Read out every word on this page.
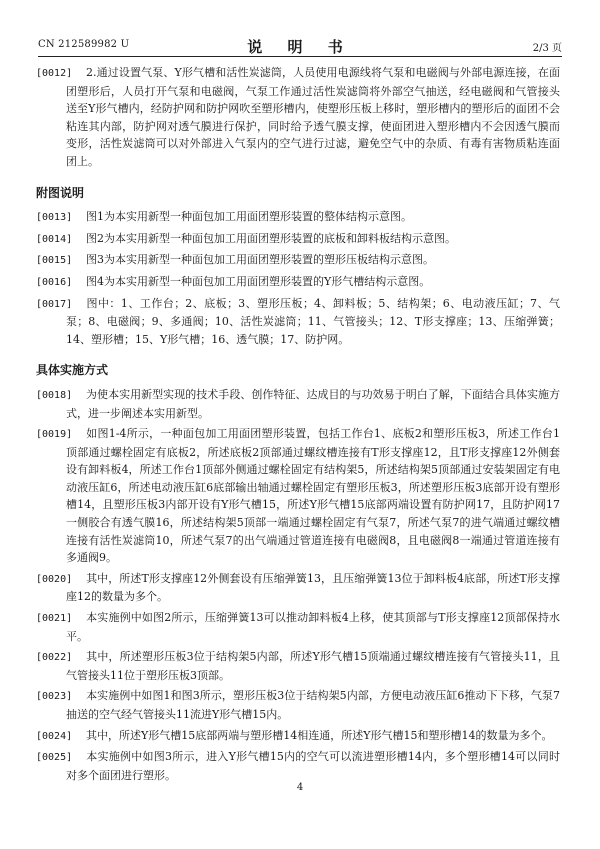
CN 212589982 U	说 明 书	2/3 页

[0012] 2.通过设置气泵、Y形气槽和活性炭滤筒，人员使用电源线将气泵和电磁阀与外部电源连接，在面团塑形后，人员打开气泵和电磁阀，气泵工作通过活性炭滤筒将外部空气抽送，经电磁阀和气管接头送至Y形气槽内，经防护网和防护网吹至塑形槽内，使塑形压板上移时，塑形槽内的塑形后的面团不会粘连其内部，防护网对透气膜进行保护，同时给予透气膜支撑，使面团进入塑形槽内不会因透气膜而变形，活性炭滤筒可以对外部进入气泵内的空气进行过滤，避免空气中的杂质、有毒有害物质粘连面团上。

附图说明

[0013] 图1为本实用新型一种面包加工用面团塑形装置的整体结构示意图。

[0014] 图2为本实用新型一种面包加工用面团塑形装置的底板和卸料板结构示意图。

[0015] 图3为本实用新型一种面包加工用面团塑形装置的塑形压板结构示意图。

[0016] 图4为本实用新型一种面包加工用面团塑形装置的Y形气槽结构示意图。

[0017] 图中：1、工作台；2、底板；3、塑形压板；4、卸料板；5、结构架；6、电动液压缸；7、气泵；8、电磁阀；9、多通阀；10、活性炭滤筒；11、气管接头；12、T形支撑座；13、压缩弹簧；14、塑形槽；15、Y形气槽；16、透气膜；17、防护网。

具体实施方式

[0018] 为使本实用新型实现的技术手段、创作特征、达成目的与功效易于明白了解，下面结合具体实施方式，进一步阐述本实用新型。

[0019] 如图1-4所示，一种面包加工用面团塑形装置，包括工作台1、底板2和塑形压板3，所述工作台1顶部通过螺栓固定有底板2，所述底板2顶部通过螺纹槽连接有T形支撑座12，且T形支撑座12外侧套设有卸料板4，所述工作台1顶部外侧通过螺栓固定有结构架5，所述结构架5顶部通过安装架固定有电动液压缸6，所述电动液压缸6底部输出轴通过螺栓固定有塑形压板3，所述塑形压板3底部开设有塑形槽14，且塑形压板3内部开设有Y形气槽15，所述Y形气槽15底部两端设置有防护网17，且防护网17一侧胶合有透气膜16，所述结构架5顶部一端通过螺栓固定有气泵7，所述气泵7的进气端通过螺纹槽连接有活性炭滤筒10，所述气泵7的出气端通过管道连接有电磁阀8，且电磁阀8一端通过管道连接有多通阀9。

[0020] 其中，所述T形支撑座12外侧套设有压缩弹簧13，且压缩弹簧13位于卸料板4底部，所述T形支撑座12的数量为多个。

[0021] 本实施例中如图2所示，压缩弹簧13可以推动卸料板4上移，使其顶部与T形支撑座12顶部保持水平。

[0022] 其中，所述塑形压板3位于结构架5内部，所述Y形气槽15顶端通过螺纹槽连接有气管接头11，且气管接头11位于塑形压板3顶部。

[0023] 本实施例中如图1和图3所示，塑形压板3位于结构架5内部，方便电动液压缸6推动下下移，气泵7抽送的空气经气管接头11流进Y形气槽15内。

[0024] 其中，所述Y形气槽15底部两端与塑形槽14相连通，所述Y形气槽15和塑形槽14的数量为多个。

[0025] 本实施例中如图3所示，进入Y形气槽15内的空气可以流进塑形槽14内，多个塑形槽14可以同时对多个面团进行塑形。

4
